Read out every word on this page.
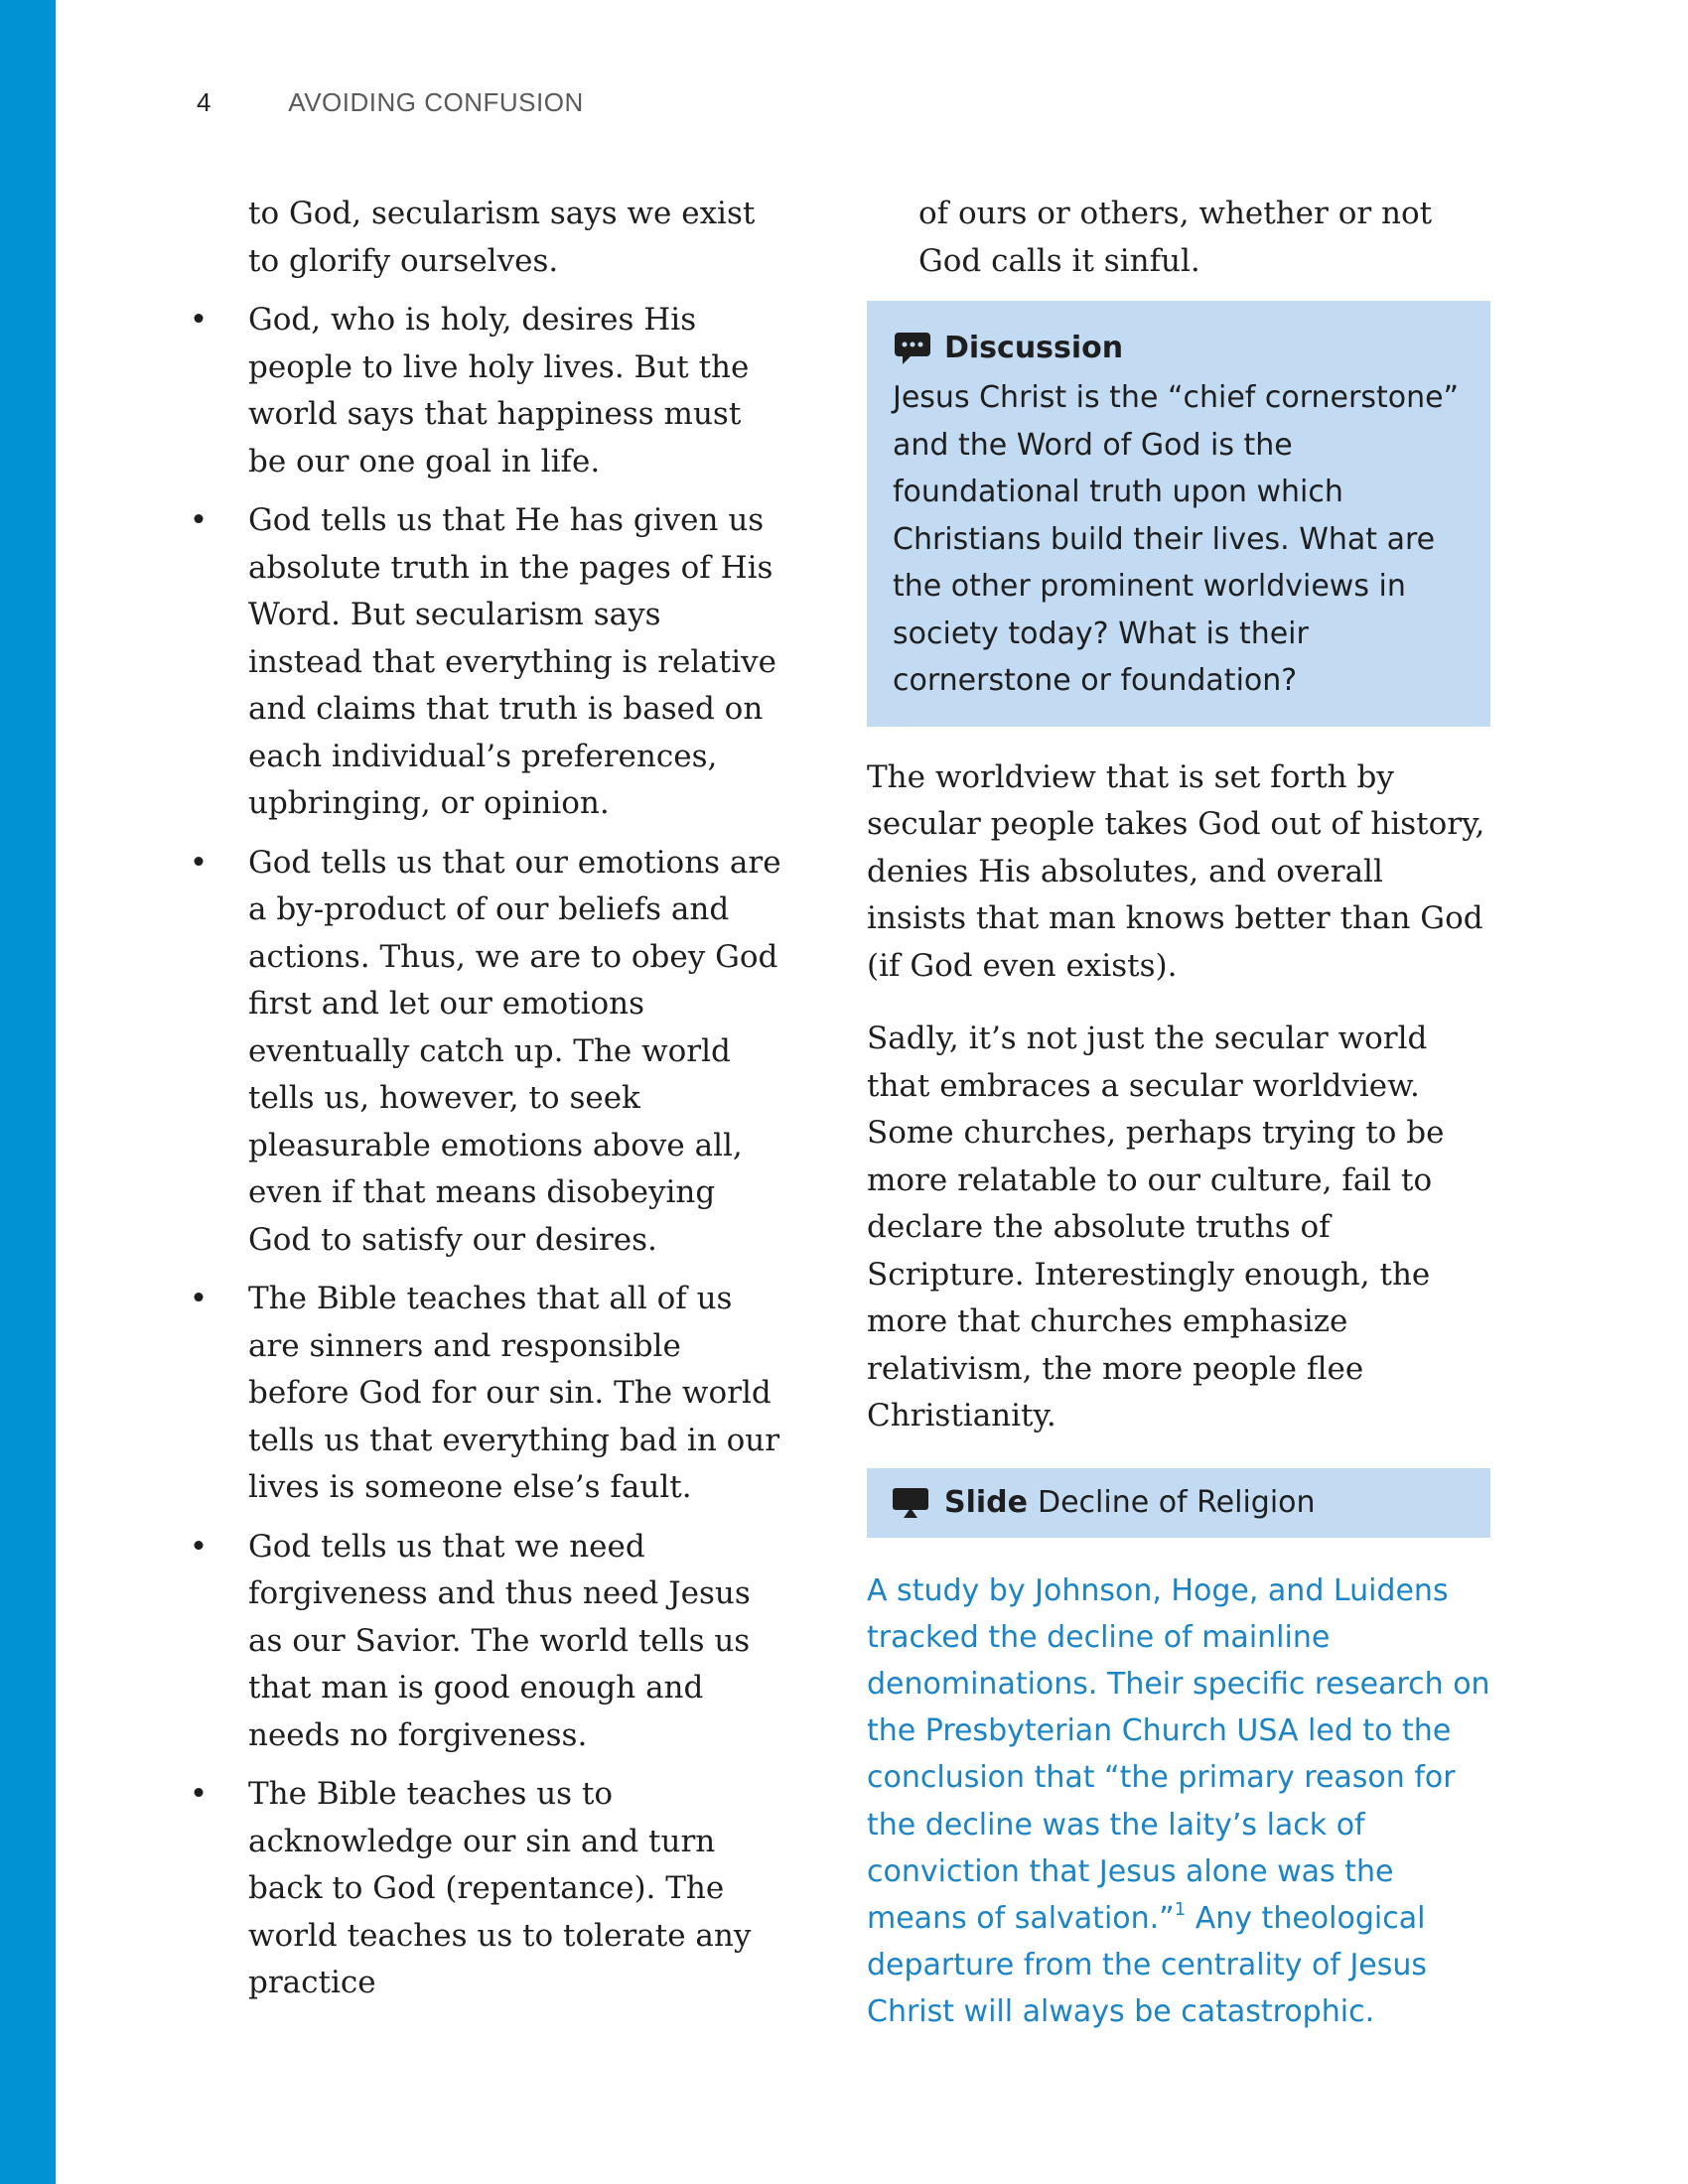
4	AVOIDING CONFUSION

to God, secularism says we exist to glorify ourselves.

• God, who is holy, desires His people to live holy lives. But the world says that happiness must be our one goal in life.
• God tells us that He has given us absolute truth in the pages of His Word. But secularism says instead that everything is relative and claims that truth is based on each individual’s preferences, upbringing, or opinion.
• God tells us that our emotions are a by-product of our beliefs and actions. Thus, we are to obey God first and let our emotions eventually catch up. The world tells us, however, to seek pleasurable emotions above all, even if that means disobeying God to satisfy our desires.
• The Bible teaches that all of us are sinners and responsible before God for our sin. The world tells us that everything bad in our lives is someone else’s fault.
• God tells us that we need forgiveness and thus need Jesus as our Savior. The world tells us that man is good enough and needs no forgiveness.
• The Bible teaches us to acknowledge our sin and turn back to God (repentance). The world teaches us to tolerate any practice

of ours or others, whether or not God calls it sinful.

Discussion
Jesus Christ is the “chief cornerstone” and the Word of God is the foundational truth upon which Christians build their lives. What are the other prominent worldviews in society today? What is their cornerstone or foundation?

The worldview that is set forth by secular people takes God out of history, denies His absolutes, and overall insists that man knows better than God (if God even exists).

Sadly, it’s not just the secular world that embraces a secular worldview. Some churches, perhaps trying to be more relatable to our culture, fail to declare the absolute truths of Scripture. Interestingly enough, the more that churches emphasize relativism, the more people flee Christianity.

Slide Decline of Religion
A study by Johnson, Hoge, and Luidens tracked the decline of mainline denominations. Their specific research on the Presbyterian Church USA led to the conclusion that “the primary reason for the decline was the laity’s lack of conviction that Jesus alone was the means of salvation.”$^1$ Any theological departure from the centrality of Jesus Christ will always be catastrophic.
